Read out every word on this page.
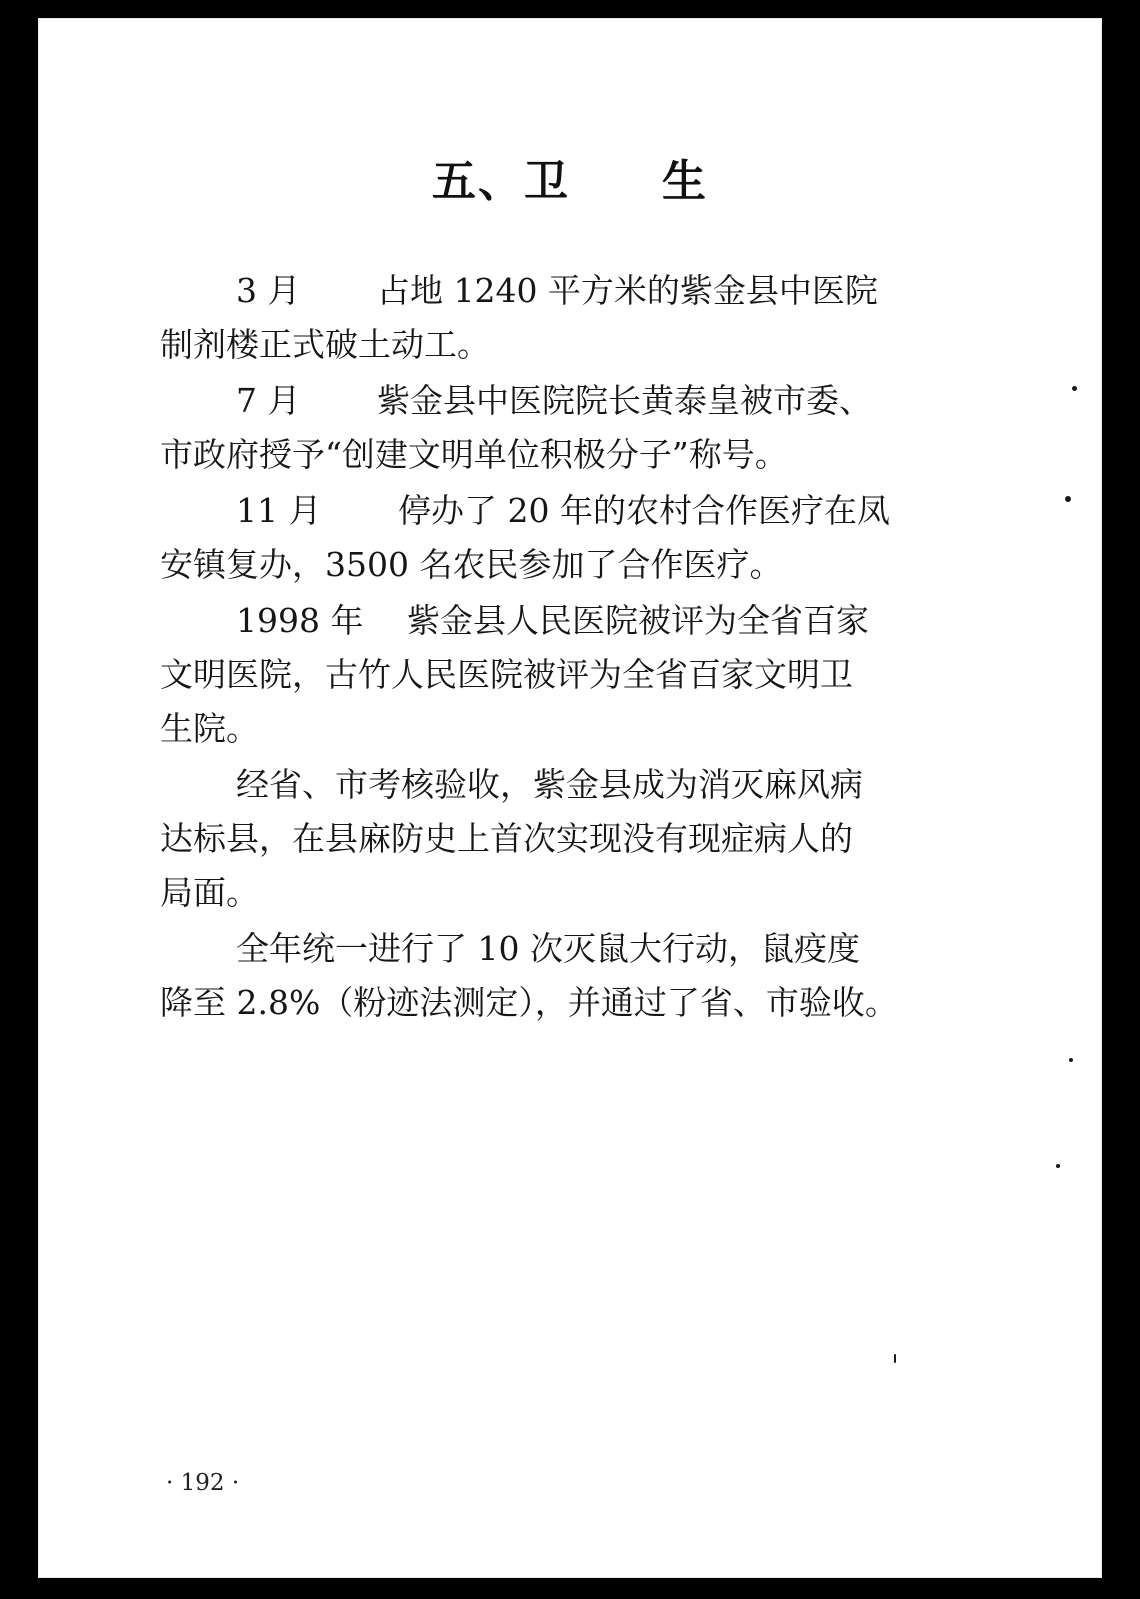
五、卫　　生
3 月　　 占地 1240 平方米的紫金县中医院
制剂楼正式破土动工。
7 月　　 紫金县中医院院长黄泰皇被市委、
市政府授予“创建文明单位积极分子”称号。
11 月　　 停办了 20 年的农村合作医疗在凤
安镇复办，3500 名农民参加了合作医疗。
1998 年　 紫金县人民医院被评为全省百家
文明医院，古竹人民医院被评为全省百家文明卫
生院。
经省、市考核验收，紫金县成为消灭麻风病
达标县，在县麻防史上首次实现没有现症病人的
局面。
全年统一进行了 10 次灭鼠大行动，鼠疫度
降至 2.8%（粉迹法测定），并通过了省、市验收。
· 192 ·
